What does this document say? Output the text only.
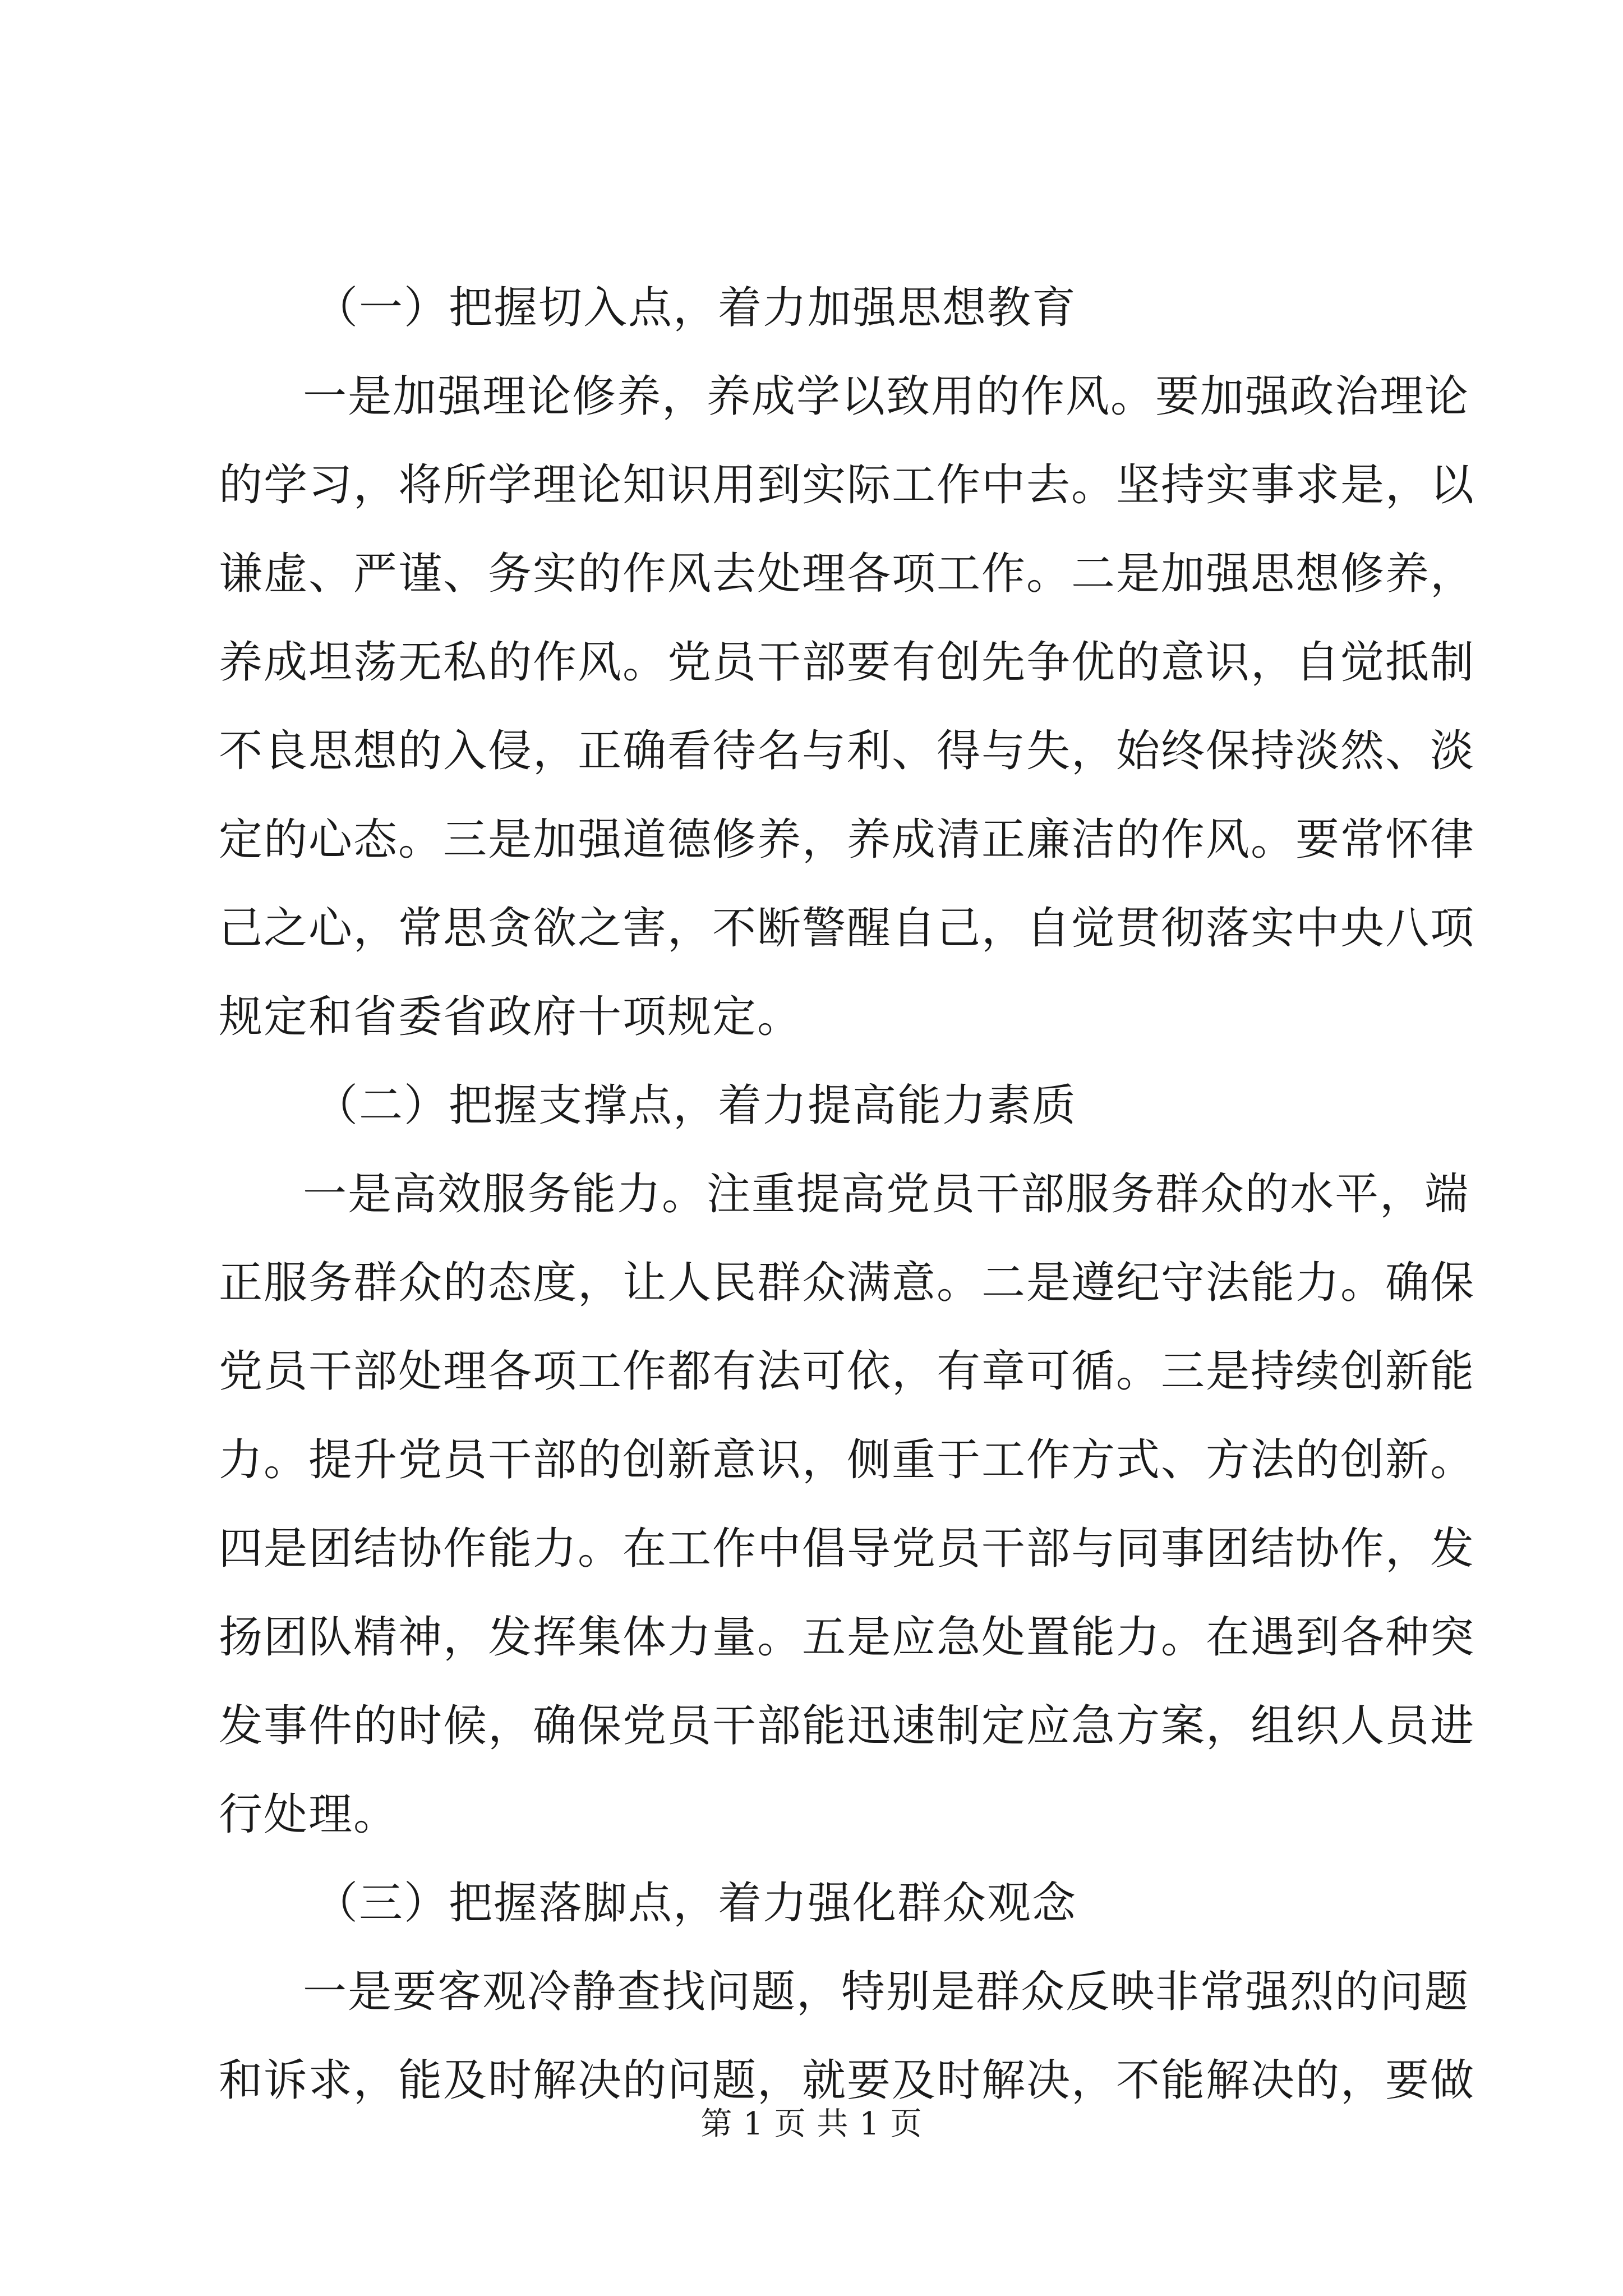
（一）把握切入点，着力加强思想教育
一是加强理论修养，养成学以致用的作风。要加强政治理论
的学习，将所学理论知识用到实际工作中去。坚持实事求是，以
谦虚、严谨、务实的作风去处理各项工作。二是加强思想修养，
养成坦荡无私的作风。党员干部要有创先争优的意识，自觉抵制
不良思想的入侵，正确看待名与利、得与失，始终保持淡然、淡
定的心态。三是加强道德修养，养成清正廉洁的作风。要常怀律
己之心，常思贪欲之害，不断警醒自己，自觉贯彻落实中央八项
规定和省委省政府十项规定。
（二）把握支撑点，着力提高能力素质
一是高效服务能力。注重提高党员干部服务群众的水平，端
正服务群众的态度，让人民群众满意。二是遵纪守法能力。确保
党员干部处理各项工作都有法可依，有章可循。三是持续创新能
力。提升党员干部的创新意识，侧重于工作方式、方法的创新。
四是团结协作能力。在工作中倡导党员干部与同事团结协作，发
扬团队精神，发挥集体力量。五是应急处置能力。在遇到各种突
发事件的时候，确保党员干部能迅速制定应急方案，组织人员进
行处理。
（三）把握落脚点，着力强化群众观念
一是要客观冷静查找问题，特别是群众反映非常强烈的问题
和诉求，能及时解决的问题，就要及时解决，不能解决的，要做
第 1 页 共 1 页
